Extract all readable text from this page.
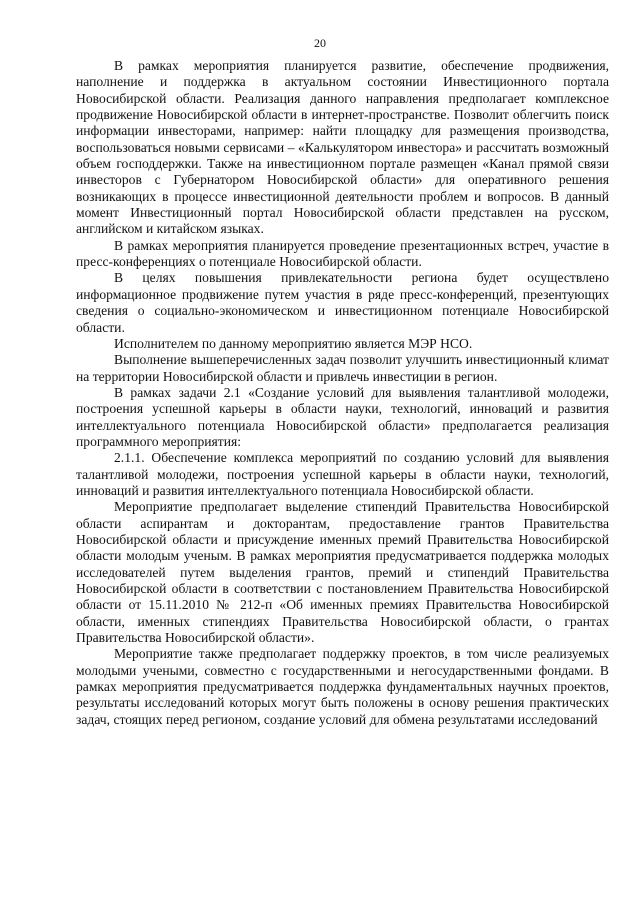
20

В рамках мероприятия планируется развитие, обеспечение продвижения, наполнение и поддержка в актуальном состоянии Инвестиционного портала Новосибирской области. Реализация данного направления предполагает комплексное продвижение Новосибирской области в интернет-пространстве. Позволит облегчить поиск информации инвесторами, например: найти площадку для размещения производства, воспользоваться новыми сервисами – «Калькулятором инвестора» и рассчитать возможный объем господдержки. Также на инвестиционном портале размещен «Канал прямой связи инвесторов с Губернатором Новосибирской области» для оперативного решения возникающих в процессе инвестиционной деятельности проблем и вопросов. В данный момент Инвестиционный портал Новосибирской области представлен на русском, английском и китайском языках.

В рамках мероприятия планируется проведение презентационных встреч, участие в пресс-конференциях о потенциале Новосибирской области.

В целях повышения привлекательности региона будет осуществлено информационное продвижение путем участия в ряде пресс-конференций, презентующих сведения о социально-экономическом и инвестиционном потенциале Новосибирской области.

Исполнителем по данному мероприятию является МЭР НСО.

Выполнение вышеперечисленных задач позволит улучшить инвестиционный климат на территории Новосибирской области и привлечь инвестиции в регион.

В рамках задачи 2.1 «Создание условий для выявления талантливой молодежи, построения успешной карьеры в области науки, технологий, инноваций и развития интеллектуального потенциала Новосибирской области» предполагается реализация программного мероприятия:

2.1.1. Обеспечение комплекса мероприятий по созданию условий для выявления талантливой молодежи, построения успешной карьеры в области науки, технологий, инноваций и развития интеллектуального потенциала Новосибирской области.

Мероприятие предполагает выделение стипендий Правительства Новосибирской области аспирантам и докторантам, предоставление грантов Правительства Новосибирской области и присуждение именных премий Правительства Новосибирской области молодым ученым. В рамках мероприятия предусматривается поддержка молодых исследователей путем выделения грантов, премий и стипендий Правительства Новосибирской области в соответствии с постановлением Правительства Новосибирской области от 15.11.2010 № 212-п «Об именных премиях Правительства Новосибирской области, именных стипендиях Правительства Новосибирской области, о грантах Правительства Новосибирской области».

Мероприятие также предполагает поддержку проектов, в том числе реализуемых молодыми учеными, совместно с государственными и негосударственными фондами. В рамках мероприятия предусматривается поддержка фундаментальных научных проектов, результаты исследований которых могут быть положены в основу решения практических задач, стоящих перед регионом, создание условий для обмена результатами исследований
